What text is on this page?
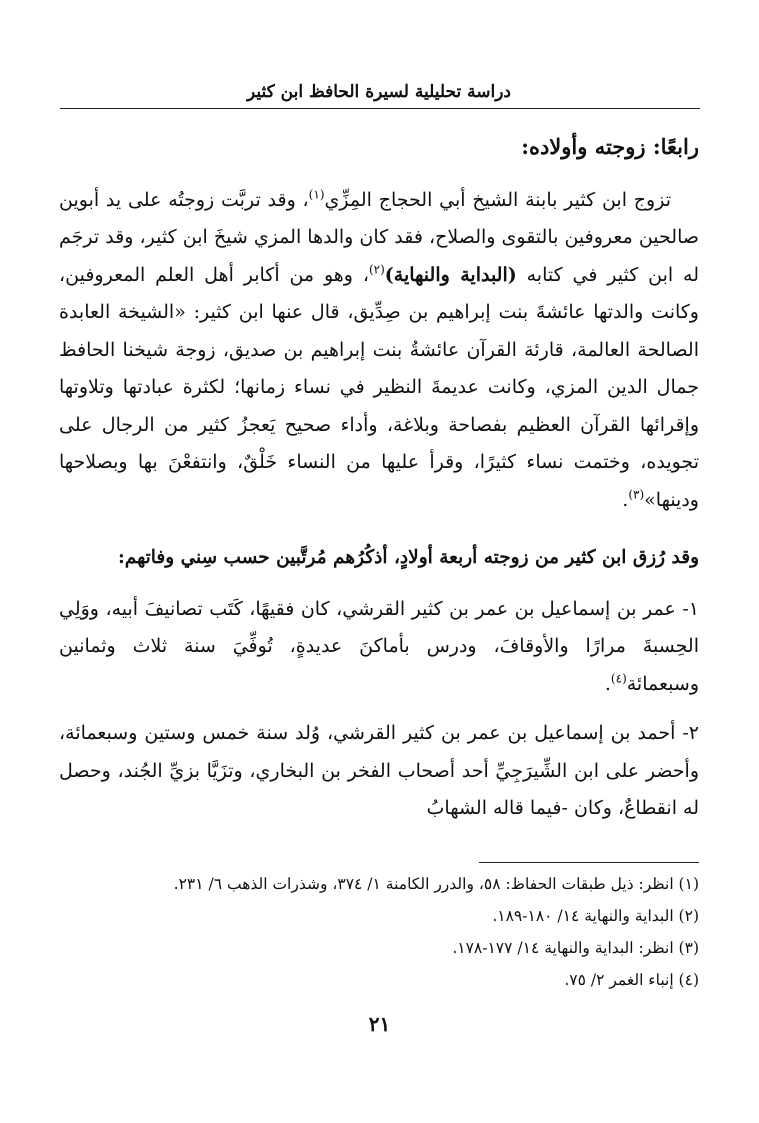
دراسة تحليلية لسيرة الحافظ ابن كثير

رابعًا: زوجته وأولاده:

تزوج ابن كثير بابنة الشيخ أبي الحجاج المِزِّي$^{(١)}$، وقد تربَّت زوجتُه على يد أبوين صالحين معروفين بالتقوى والصلاح، فقد كان والدها المزي شيخَ ابن كثير، وقد ترجَم له ابن كثير في كتابه (البداية والنهاية)$^{(٢)}$، وهو من أكابر أهل العلم المعروفين، وكانت والدتها عائشةَ بنت إبراهيم بن صِدِّيق، قال عنها ابن كثير: «الشيخة العابدة الصالحة العالمة، قارئة القرآن عائشةُ بنت إبراهيم بن صديق، زوجة شيخنا الحافظ جمال الدين المزي، وكانت عديمةَ النظير في نساء زمانها؛ لكثرة عبادتها وتلاوتها وإقرائها القرآن العظيم بفصاحة وبلاغة، وأداء صحيح يَعجزُ كثير من الرجال على تجويده، وختمت نساء كثيرًا، وقرأ عليها من النساء خَلْقٌ، وانتفعْنَ بها وبصلاحها ودينها»$^{(٣)}$.

وقد رُزق ابن كثير من زوجته أربعة أولادٍ، أذكُرُهم مُرتَّبين حسب سِني وفاتهم:

١- عمر بن إسماعيل بن عمر بن كثير القرشي، كان فقيهًا، كَتَب تصانيفَ أبيه، ووَلِي الحِسبةَ مرارًا والأوقافَ، ودرس بأماكنَ عديدةٍ، تُوفِّيَ سنة ثلاث وثمانين وسبعمائة$^{(٤)}$.

٢- أحمد بن إسماعيل بن عمر بن كثير القرشي، وُلد سنة خمس وستين وسبعمائة، وأحضر على ابن الشِّيرَجِيِّ أحد أصحاب الفخر بن البخاري، وتزَيَّا بزيِّ الجُند، وحصل له انقطاعٌ، وكان -فيما قاله الشهابُ

(١) انظر: ذيل طبقات الحفاظ: ٥٨، والدرر الكامنة ١/ ٣٧٤، وشذرات الذهب ٦/ ٢٣١.

(٢) البداية والنهاية ١٤/ ١٨٠-١٨٩.

(٣) انظر: البداية والنهاية ١٤/ ١٧٧-١٧٨.

(٤) إنباء الغمر ٢/ ٧٥.

٢١
